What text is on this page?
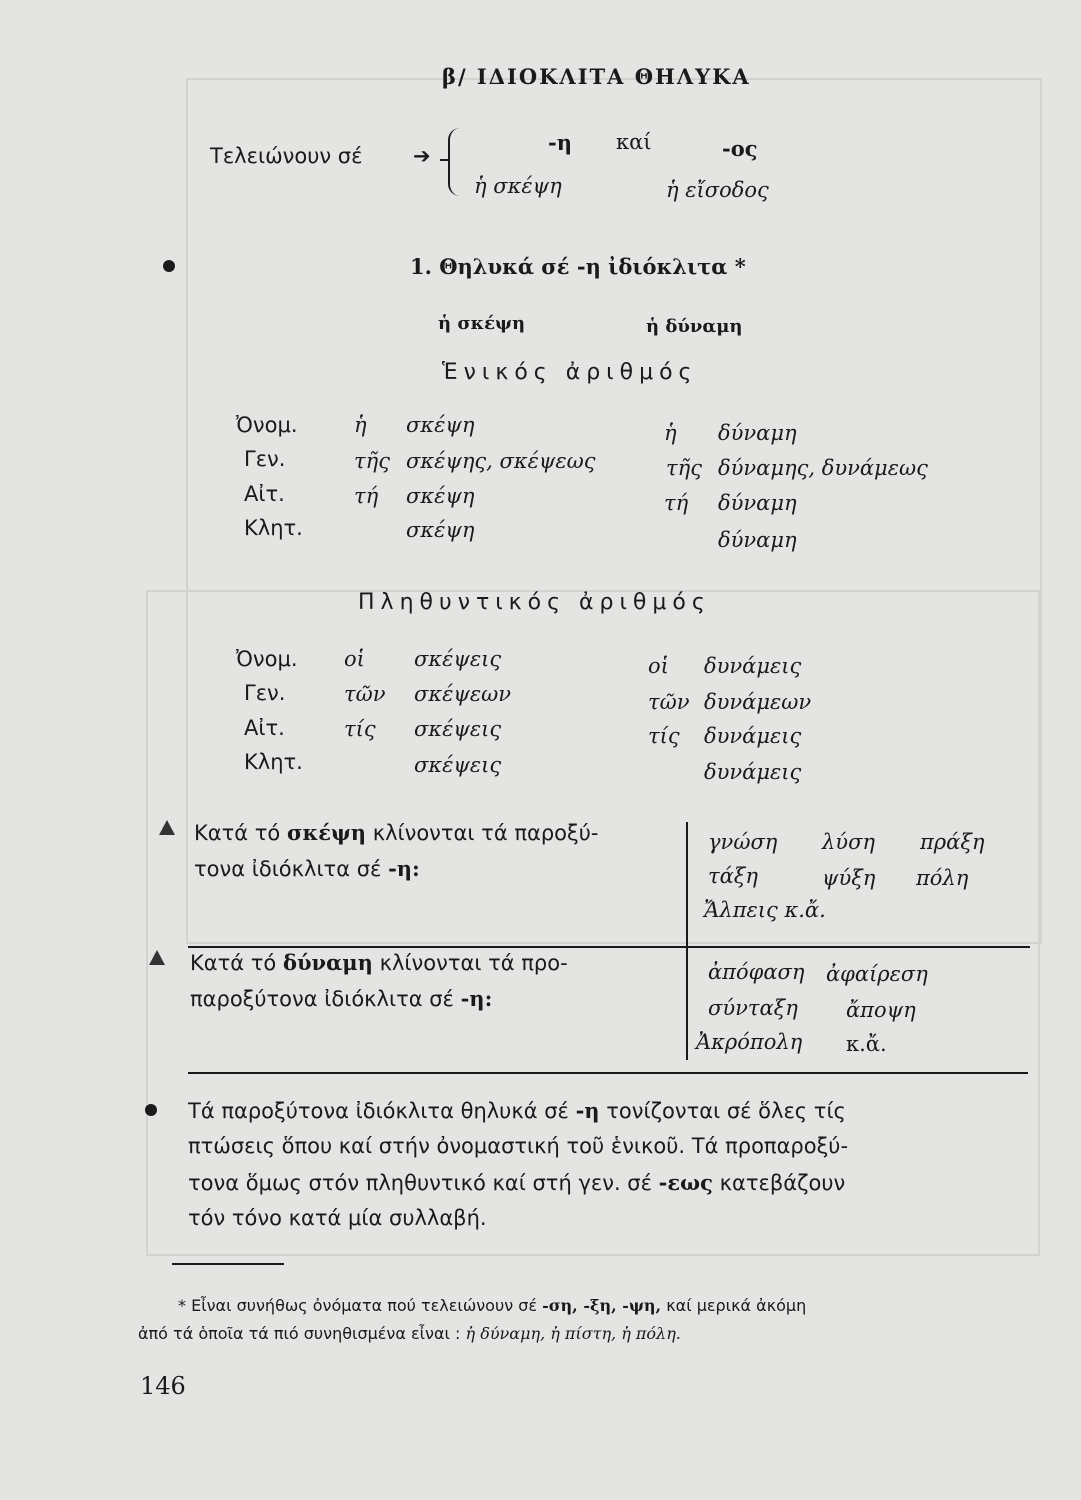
β/ ΙΔΙΟΚΛΙΤΑ ΘΗΛΥΚΑ
Τελειώνουν σέ ➔
-η καί	-ος
ἡ σκέψη	ἡ εἴσοδος
1. Θηλυκά σέ -η ἰδιόκλιτα *
ἡ σκέψη	ἡ δύναμη
Ἑνικός ἀριθμός
Ὀνομ.	ἡ σκέψη	ἡ δύναμη
Γεν.	τῆς σκέψης, σκέψεως	τῆς δύναμης, δυνάμεως
Αἰτ.	τή σκέψη	τή δύναμη
Κλητ.	σκέψη	δύναμη
Πληθυντικός ἀριθμός
Ὀνομ. οἱ σκέψεις	οἱ δυνάμεις
Γεν.	τῶν σκέψεων	τῶν δυνάμεων
Αἰτ.	τίς σκέψεις	τίς δυνάμεις
Κλητ.	σκέψεις	δυνάμεις
Κατά τό σκέψη κλίνονται τά παροξύ-
τονα ἰδιόκλιτα σέ -η:
γνώση λύση πράξη
τάξη	ψύξη πόλη
Ἄλπεις κ.ἄ.
Κατά τό δύναμη κλίνονται τά προ-
παροξύτονα ἰδιόκλιτα σέ -η:
ἀπόφαση ἀφαίρεση
σύνταξη ἄποψη
Ἀκρόπολη κ.ἄ.
Τά παροξύτονα ἰδιόκλιτα θηλυκά σέ -η τονίζονται σέ ὅλες τίς
πτώσεις ὅπου καί στήν ὀνομαστική τοῦ ἑνικοῦ. Τά προπαροξύ-
τονα ὅμως στόν πληθυντικό καί στή γεν. σέ -εως κατεβάζουν
τόν τόνο κατά μία συλλαβή.
* Εἶναι συνήθως ὀνόματα πού τελειώνουν σέ -ση, -ξη, -ψη, καί μερικά ἀκόμη
ἀπό τά ὁποῖα τά πιό συνηθισμένα εἶναι : ἡ δύναμη, ἡ πίστη, ἡ πόλη.
146
